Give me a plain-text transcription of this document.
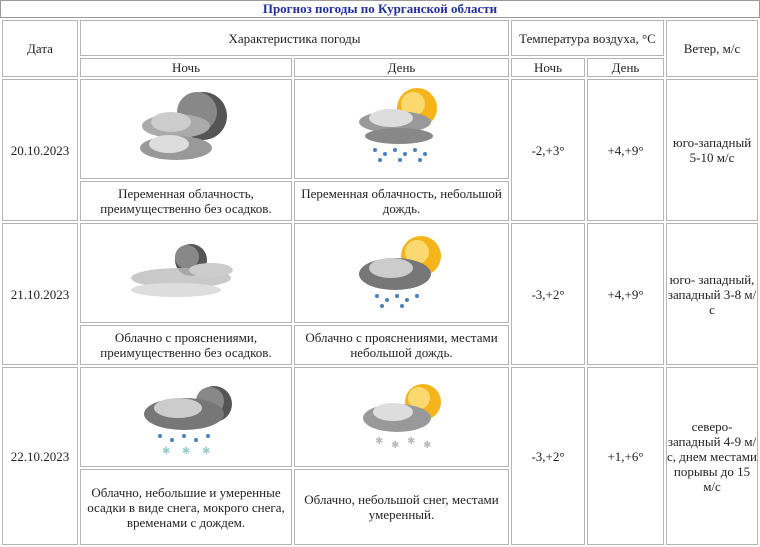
Прогноз погоды по Курганской области
Дата	Характеристика погоды		Температура воздуха, °С		Ветер, м/с
	Ночь	День	Ночь	День	
20.10.2023			-2,+3°	+4,+9°	юго-западный 5-10 м/с
	Переменная облачность, преимущественно без осадков.	Переменная облачность, небольшой дождь.			
21.10.2023			-3,+2°	+4,+9°	юго- западный, западный 3-8 м/с
	Облачно с прояснениями, преимущественно без осадков.	Облачно с прояснениями, местами небольшой дождь.			
22.10.2023	✱ ✱ ✱	✱ ✱ ✱ ✱	-3,+2°	+1,+6°	северо- западный 4-9 м/с, днем местами порывы до 15 м/с
	Облачно, небольшие и умеренные осадки в виде снега, мокрого снега, временами с дождем.	Облачно, небольшой снег, местами умеренный.			
